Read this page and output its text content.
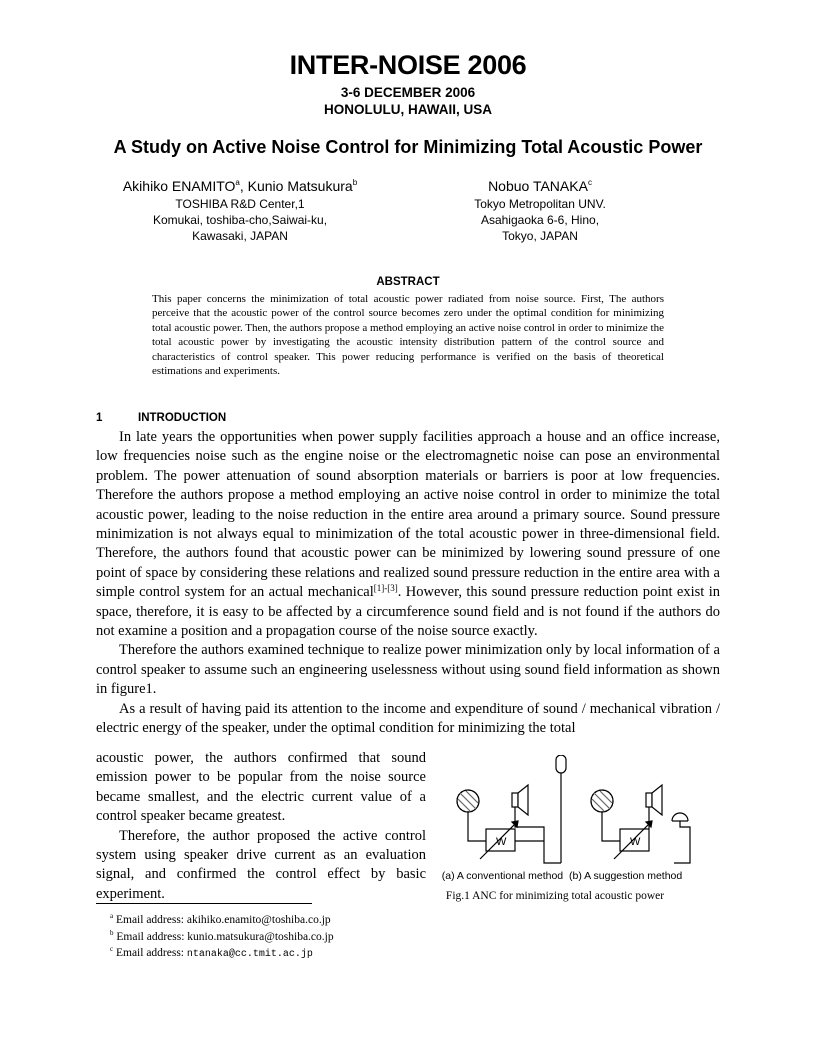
INTER-NOISE 2006
3-6 DECEMBER 2006
HONOLULU, HAWAII, USA
A Study on Active Noise Control for Minimizing Total Acoustic Power
Akihiko ENAMITO$^a$, Kunio Matsukura$^b$
TOSHIBA R&D Center,1
Komukai, toshiba-cho,Saiwai-ku,
Kawasaki, JAPAN
Nobuo TANAKA$^c$
Tokyo Metropolitan UNV.
Asahigaoka 6-6, Hino,
Tokyo, JAPAN
ABSTRACT
This paper concerns the minimization of total acoustic power radiated from noise source. First, The authors perceive that the acoustic power of the control source becomes zero under the optimal condition for minimizing total acoustic power. Then, the authors propose a method employing an active noise control in order to minimize the total acoustic power by investigating the acoustic intensity distribution pattern of the control source and characteristics of control speaker. This power reducing performance is verified on the basis of theoretical estimations and experiments.
1	INTRODUCTION

In late years the opportunities when power supply facilities approach a house and an office increase, low frequencies noise such as the engine noise or the electromagnetic noise can pose an environmental problem. The power attenuation of sound absorption materials or barriers is poor at low frequencies. Therefore the authors propose a method employing an active noise control in order to minimize the total acoustic power, leading to the noise reduction in the entire area around a primary source. Sound pressure minimization is not always equal to minimization of the total acoustic power in three-dimensional field. Therefore, the authors found that acoustic power can be minimized by lowering sound pressure of one point of space by considering these relations and realized sound pressure reduction in the entire area with a simple control system for an actual mechanical[1]-[3]. However, this sound pressure reduction point exist in space, therefore, it is easy to be affected by a circumference sound field and is not found if the authors do not examine a position and a propagation course of the noise source exactly.

Therefore the authors examined technique to realize power minimization only by local information of a control speaker to assume such an engineering uselessness without using sound field information as shown in figure1.

As a result of having paid its attention to the income and expenditure of sound / mechanical vibration / electric energy of the speaker, under the optimal condition for minimizing the total

acoustic power, the authors confirmed that sound emission power to be popular from the noise source became smallest, and the electric current value of a control speaker became greatest.

Therefore, the author proposed the active control system using speaker drive current as an evaluation signal, and confirmed the control effect by basic experiment.

W	W
(a) A conventional method (b) A suggestion method
Fig.1 ANC for minimizing total acoustic power
$^a$ Email address: akihiko.enamito@toshiba.co.jp
$^b$ Email address: kunio.matsukura@toshiba.co.jp
$^c$ Email address: ntanaka@cc.tmit.ac.jp
